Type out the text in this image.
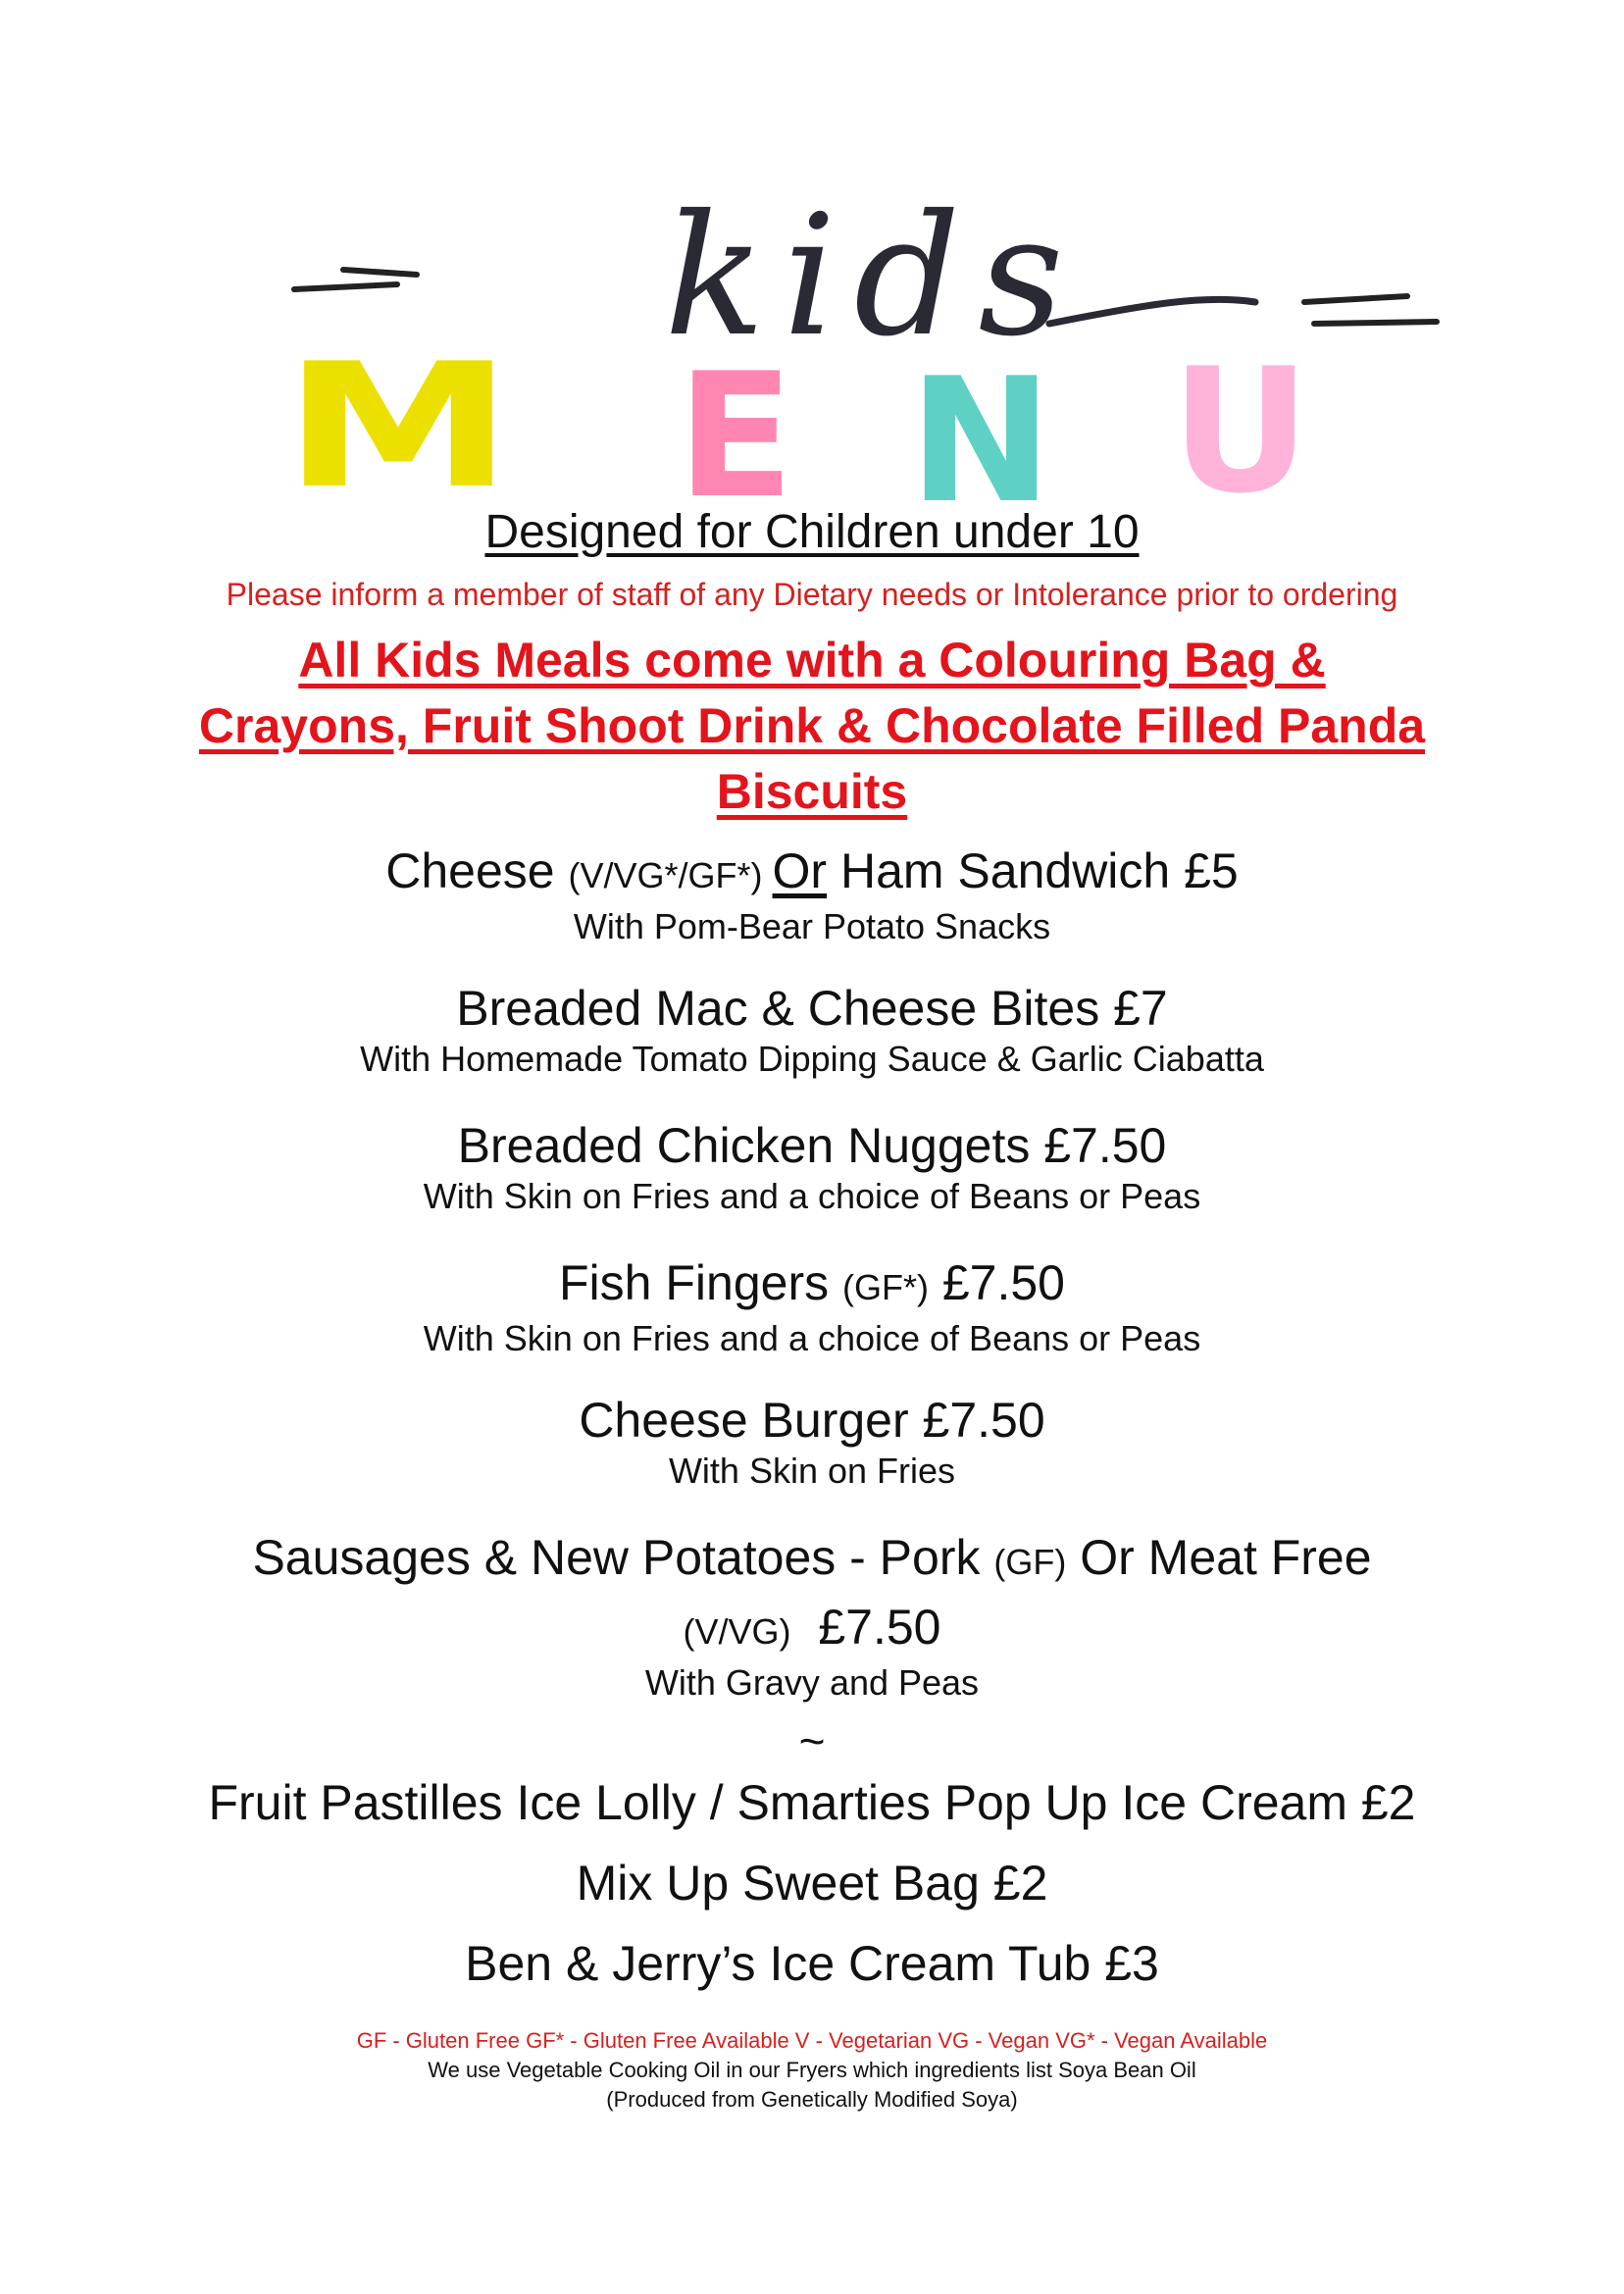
kids
M E N U
Designed for Children under 10
Please inform a member of staff of any Dietary needs or Intolerance prior to ordering
All Kids Meals come with a Colouring Bag &
Crayons, Fruit Shoot Drink & Chocolate Filled Panda
Biscuits
Cheese (V/VG*/GF*) Or Ham Sandwich £5
With Pom-Bear Potato Snacks
Breaded Mac & Cheese Bites £7
With Homemade Tomato Dipping Sauce & Garlic Ciabatta
Breaded Chicken Nuggets £7.50
With Skin on Fries and a choice of Beans or Peas
Fish Fingers (GF*) £7.50
With Skin on Fries and a choice of Beans or Peas
Cheese Burger £7.50
With Skin on Fries
Sausages & New Potatoes - Pork (GF) Or Meat Free
(V/VG)  £7.50
With Gravy and Peas
~
Fruit Pastilles Ice Lolly / Smarties Pop Up Ice Cream £2
Mix Up Sweet Bag £2
Ben & Jerry’s Ice Cream Tub £3
GF - Gluten Free GF* - Gluten Free Available V - Vegetarian VG - Vegan VG* - Vegan Available
We use Vegetable Cooking Oil in our Fryers which ingredients list Soya Bean Oil
(Produced from Genetically Modified Soya)
